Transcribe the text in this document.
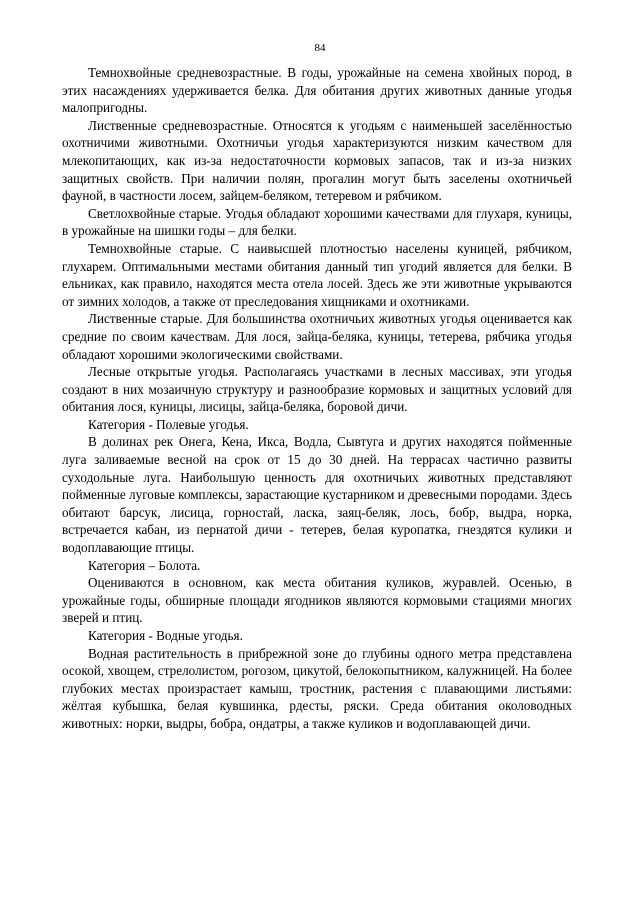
84

Темнохвойные средневозрастные. В годы, урожайные на семена хвойных пород, в этих насаждениях удерживается белка. Для обитания других животных данные угодья малопригодны.

Лиственные средневозрастные. Относятся к угодьям с наименьшей заселённостью охотничими животными. Охотничьи угодья характеризуются низким качеством для млекопитающих, как из-за недостаточности кормовых запасов, так и из-за низких защитных свойств. При наличии полян, прогалин могут быть заселены охотничьей фауной, в частности лосем, зайцем-беляком, тетеревом и рябчиком.

Светлохвойные старые. Угодья обладают хорошими качествами для глухаря, куницы, в урожайные на шишки годы – для белки.

Темнохвойные старые. С наивысшей плотностью населены куницей, рябчиком, глухарем. Оптимальными местами обитания данный тип угодий является для белки. В ельниках, как правило, находятся места отела лосей. Здесь же эти животные укрываются от зимних холодов, а также от преследования хищниками и охотниками.

Лиственные старые. Для большинства охотничьих животных угодья оценивается как средние по своим качествам. Для лося, зайца-беляка, куницы, тетерева, рябчика угодья обладают хорошими экологическими свойствами.

Лесные открытые угодья. Располагаясь участками в лесных массивах, эти угодья создают в них мозаичную структуру и разнообразие кормовых и защитных условий для обитания лося, куницы, лисицы, зайца-беляка, боровой дичи.

Категория - Полевые угодья.

В долинах рек Онега, Кена, Икса, Водла, Сывтуга и других находятся пойменные луга заливаемые весной на срок от 15 до 30 дней. На террасах частично развиты суходольные луга. Наибольшую ценность для охотничьих животных представляют пойменные луговые комплексы, зарастающие кустарником и древесными породами. Здесь обитают барсук, лисица, горностай, ласка, заяц-беляк, лось, бобр, выдра, норка, встречается кабан, из пернатой дичи - тетерев, белая куропатка, гнездятся кулики и водоплавающие птицы.

Категория – Болота.

Оцениваются в основном, как места обитания куликов, журавлей. Осенью, в урожайные годы, обширные площади ягодников являются кормовыми стациями многих зверей и птиц.

Категория - Водные угодья.

Водная растительность в прибрежной зоне до глубины одного метра представлена осокой, хвощем, стрелолистом, рогозом, цикутой, белокопытником, калужницей. На более глубоких местах произрастает камыш, тростник, растения с плавающими листьями: жёлтая кубышка, белая кувшинка, рдесты, ряски. Среда обитания околоводных животных: норки, выдры, бобра, ондатры, а также куликов и водоплавающей дичи.
